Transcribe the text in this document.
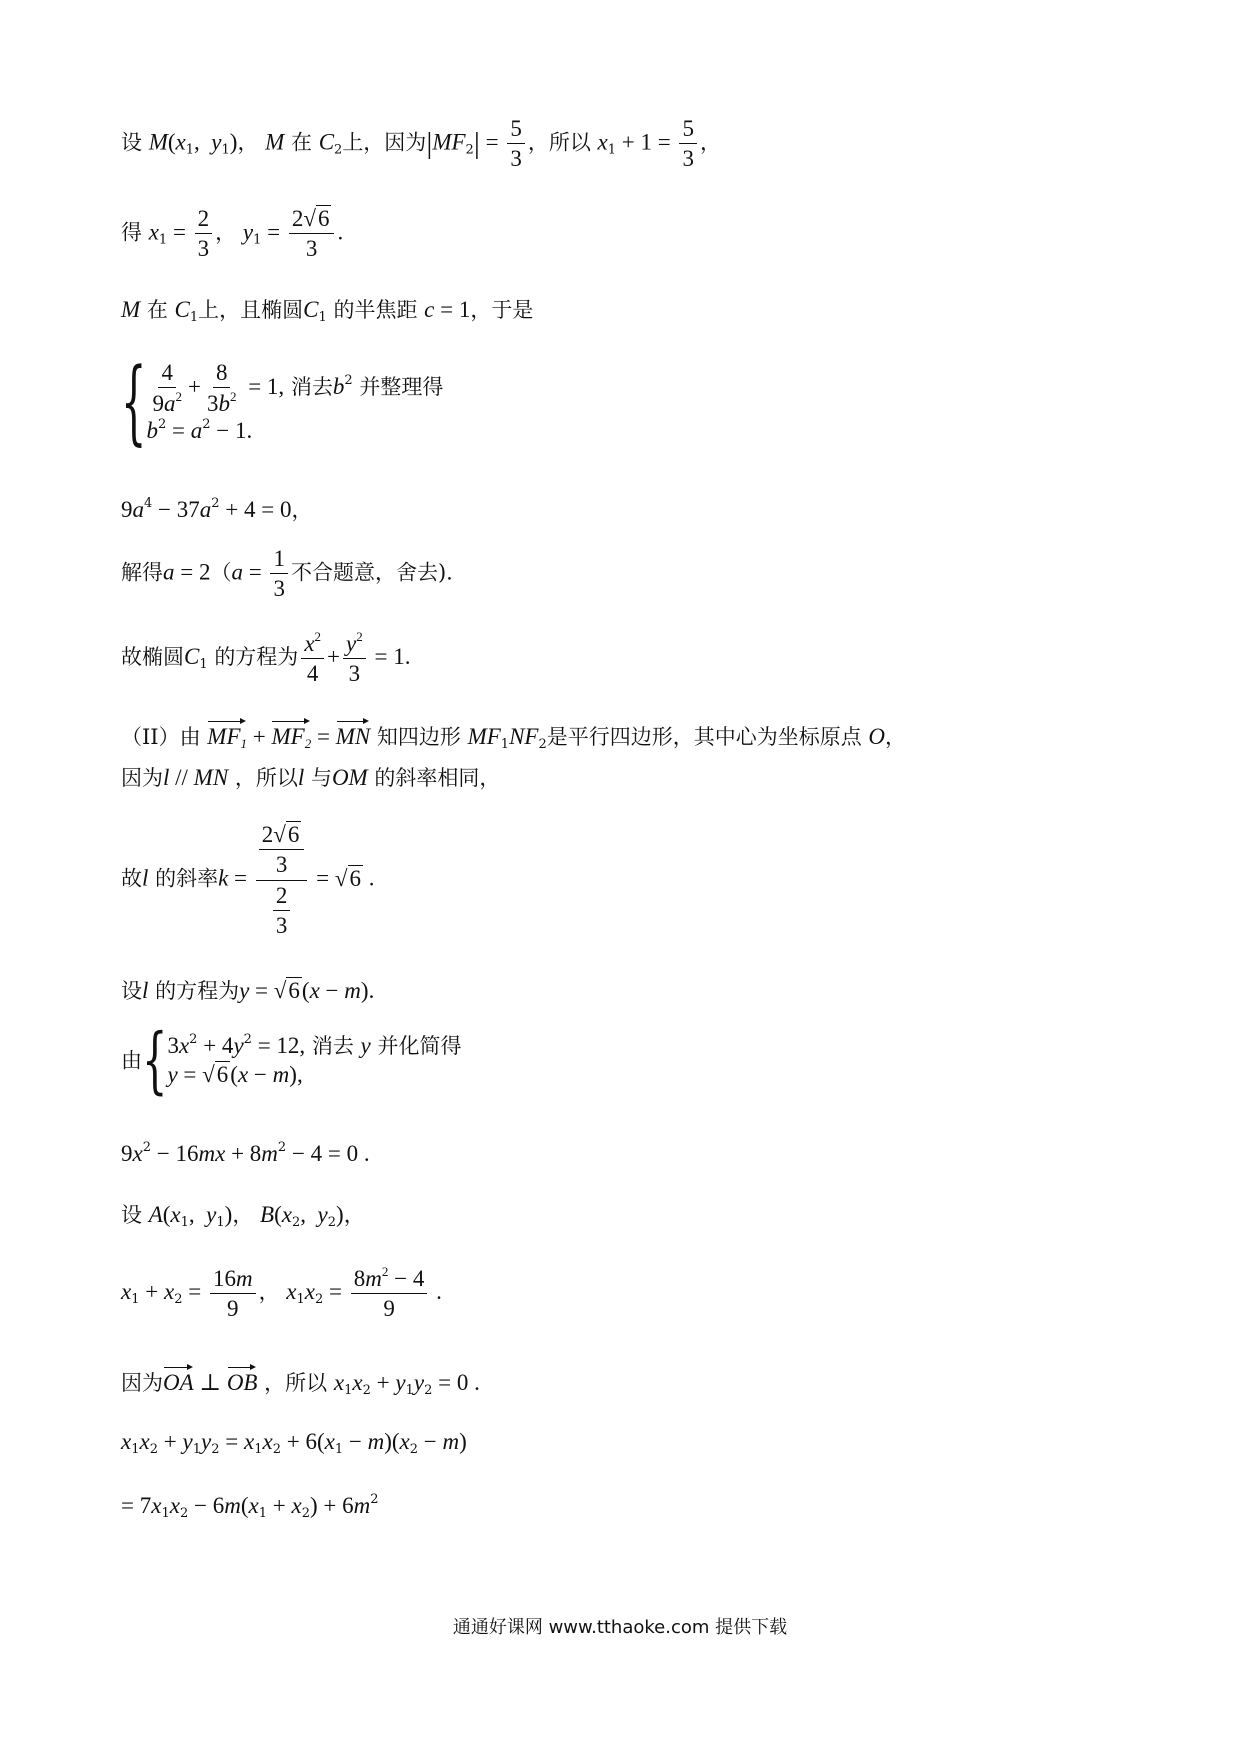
设 $M(x_1$,  $y_1$)， M 在 $C_2$上，因为$|MF_2| = \frac{5}{3}$ ，所以 $x_1 + 1 = \frac{5}{3}$ ，
得 $x_1 = \frac{2}{3}$ ， $y_1 = \frac{2√6}{3}$ .
M 在 $C_1$上，且椭圆$C_1$ 的半焦距 c = 1，于是
{ $\frac{4}{9a^2} + \frac{8}{3b^2} = 1$, 消去$b^2$ 并整理得
$b^2 = a^2 - 1$.
$9a^4 - 37a^2 + 4 = 0$，
解得$a = 2(a = \frac{1}{3}$ 不合题意，舍去).
故椭圆$C_1$ 的方程为 $\frac{x^2}{4} + \frac{y^2}{3} = 1$.
（II）由 $MF_1 + MF_2$ = MN 知四边形 $MF_1NF_2$是平行四边形，其中心为坐标原点 O，
因为l // MN ，所以l 与OM 的斜率相同，
故l 的斜率$k = \frac{\frac{2√6}{3}}{\frac{2}{3}} = √6$ .
设l 的方程为y = √6(x − m).
由{ $3x^2 + 4y^2 = 12$, 消去 y 并化简得
y = √6(x − m),
$9x^2 - 16mx + 8m^2 - 4 = 0$ .
设 $A(x_1$,  $y_1$)， $B(x_2$,  $y_2$)，
$x_1 + x_2 = \frac{16m}{9}$ ， $x_1x_2 = \frac{8m^2 - 4}{9}$ .
因为OA ⊥ OB ，所以 $x_1x_2 + y_1y_2 = 0$ .
$x_1x_2 + y_1y_2 = x_1x_2 + 6(x_1 - m)(x_2 - m)$
= $7x_1x_2 - 6m(x_1 + x_2) + 6m^2$
通通好课网 www.tthaoke.com 提供下载
